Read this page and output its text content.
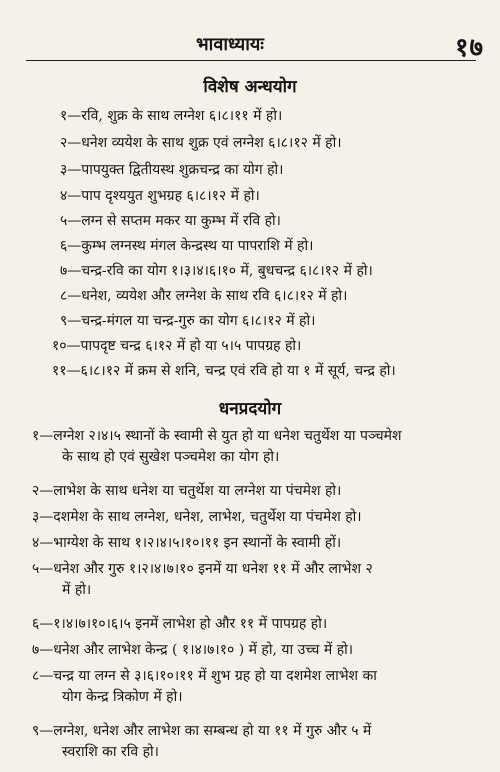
भावाध्यायः	१७
विशेष अन्धयोग
१—रवि, शुक्र के साथ लग्नेश ६।८।११ में हो।
२—धनेश व्ययेश के साथ शुक्र एवं लग्नेश ६।८।१२ में हो।
३—पापयुक्त द्वितीयस्थ शुक्रचन्द्र का योग हो।
४—पाप दृश्ययुत शुभग्रह ६।८।१२ में हो।
५—लग्न से सप्तम मकर या कुम्भ में रवि हो।
६—कुम्भ लग्नस्थ मंगल केन्द्रस्थ या पापराशि में हो।
७—चन्द्र-रवि का योग १।३।४।६।१० में, बुधचन्द्र ६।८।१२ में हो।
८—धनेश, व्ययेश और लग्नेश के साथ रवि ६।८।१२ में हो।
९—चन्द्र-मंगल या चन्द्र-गुरु का योग ६।८।१२ में हो।
१०—पापदृष्ट चन्द्र ६।१२ में हो या ५।५ पापग्रह हो।
११—६।८।१२ में क्रम से शनि, चन्द्र एवं रवि हो या १ में सूर्य, चन्द्र हो।
धनप्रदयोग
१—लग्नेश २।४।५ स्थानों के स्वामी से युत हो या धनेश चतुर्थेश या पञ्चमेश
के साथ हो एवं सुखेश पञ्चमेश का योग हो।
२—लाभेश के साथ धनेश या चतुर्थेश या लग्नेश या पंचमेश हो।
३—दशमेश के साथ लग्नेश, धनेश, लाभेश, चतुर्थेश या पंचमेश हो।
४—भाग्येश के साथ १।२।४।५।१०।११ इन स्थानों के स्वामी हों।
५—धनेश और गुरु १।२।४।७।१० इनमें या धनेश ११ में और लाभेश २
में हो।
६—१।४।७।१०।६।५ इनमें लाभेश हो और ११ में पापग्रह हो।
७—धनेश और लाभेश केन्द्र ( १।४।७।१० ) में हो, या उच्च में हो।
८—चन्द्र या लग्न से ३।६।१०।११ में शुभ ग्रह हो या दशमेश लाभेश का
योग केन्द्र त्रिकोण में हो।
९—लग्नेश, धनेश और लाभेश का सम्बन्ध हो या ११ में गुरु और ५ में
स्वराशि का रवि हो।
